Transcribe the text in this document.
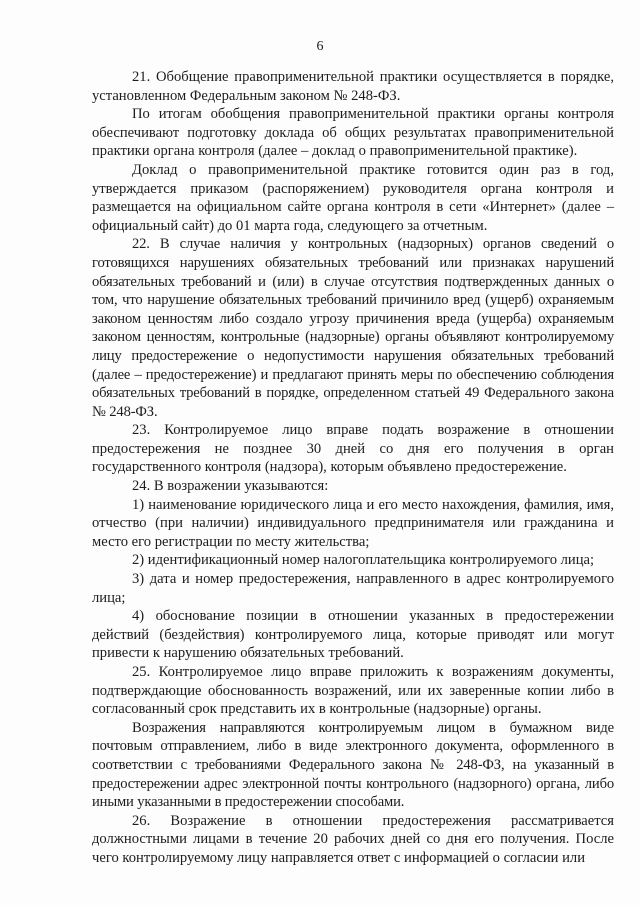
6

21. Обобщение правоприменительной практики осуществляется в порядке, установленном Федеральным законом № 248-ФЗ.

По итогам обобщения правоприменительной практики органы контроля обеспечивают подготовку доклада об общих результатах правоприменительной практики органа контроля (далее – доклад о правоприменительной практике).

Доклад о правоприменительной практике готовится один раз в год, утверждается приказом (распоряжением) руководителя органа контроля и размещается на официальном сайте органа контроля в сети «Интернет» (далее – официальный сайт) до 01 марта года, следующего за отчетным.

22. В случае наличия у контрольных (надзорных) органов сведений о готовящихся нарушениях обязательных требований или признаках нарушений обязательных требований и (или) в случае отсутствия подтвержденных данных о том, что нарушение обязательных требований причинило вред (ущерб) охраняемым законом ценностям либо создало угрозу причинения вреда (ущерба) охраняемым законом ценностям, контрольные (надзорные) органы объявляют контролируемому лицу предостережение о недопустимости нарушения обязательных требований (далее – предостережение) и предлагают принять меры по обеспечению соблюдения обязательных требований в порядке, определенном статьей 49 Федерального закона № 248-ФЗ.

23. Контролируемое лицо вправе подать возражение в отношении предостережения не позднее 30 дней со дня его получения в орган государственного контроля (надзора), которым объявлено предостережение.

24. В возражении указываются:

1) наименование юридического лица и его место нахождения, фамилия, имя, отчество (при наличии) индивидуального предпринимателя или гражданина и место его регистрации по месту жительства;

2) идентификационный номер налогоплательщика контролируемого лица;

3) дата и номер предостережения, направленного в адрес контролируемого лица;

4) обоснование позиции в отношении указанных в предостережении действий (бездействия) контролируемого лица, которые приводят или могут привести к нарушению обязательных требований.

25. Контролируемое лицо вправе приложить к возражениям документы, подтверждающие обоснованность возражений, или их заверенные копии либо в согласованный срок представить их в контрольные (надзорные) органы.

Возражения направляются контролируемым лицом в бумажном виде почтовым отправлением, либо в виде электронного документа, оформленного в соответствии с требованиями Федерального закона № 248-ФЗ, на указанный в предостережении адрес электронной почты контрольного (надзорного) органа, либо иными указанными в предостережении способами.

26. Возражение в отношении предостережения рассматривается должностными лицами в течение 20 рабочих дней со дня его получения. После чего контролируемому лицу направляется ответ с информацией о согласии или
